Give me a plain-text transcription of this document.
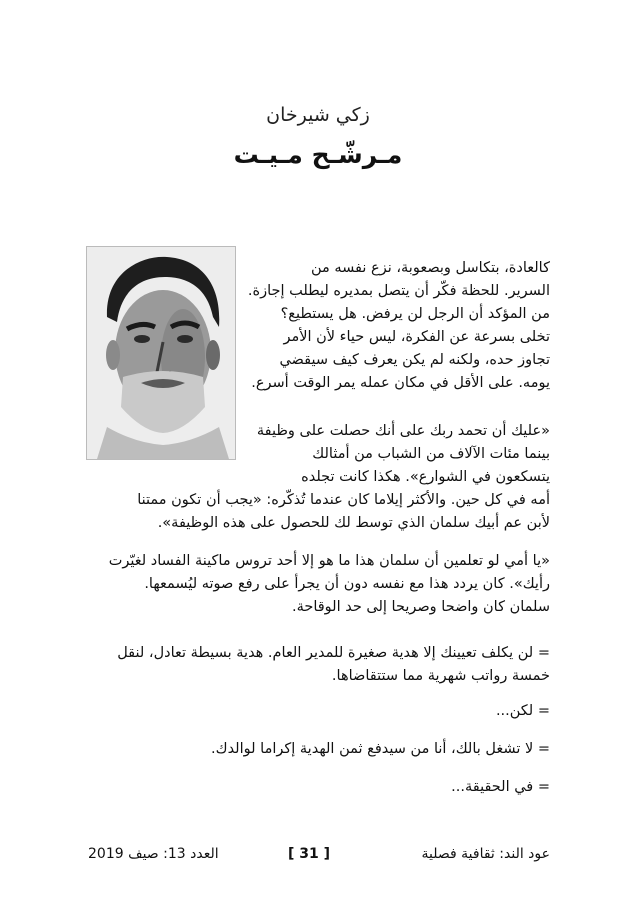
زكي شيرخان
مـرشّـح مـيـت
كالعادة، بتكاسل وبصعوبة، نزع نفسه من
السرير. للحظة فكّر أن يتصل بمديره ليطلب إجازة.
من المؤكد أن الرجل لن يرفض. هل يستطيع؟
تخلى بسرعة عن الفكرة، ليس حياء لأن الأمر
تجاوز حده، ولكنه لم يكن يعرف كيف سيقضي
يومه. على الأقل في مكان عمله يمر الوقت أسرع.
«عليك أن تحمد ربك على أنك حصلت على وظيفة
بينما مئات الآلاف من الشباب من أمثالك
يتسكعون في الشوارع». هكذا كانت تجلده
أمه في كل حين. والأكثر إيلاما كان عندما تُذكّره: «يجب أن تكون ممتنا
لأبن عم أبيك سلمان الذي توسط لك للحصول على هذه الوظيفة».
«يا أمي لو تعلمين أن سلمان هذا ما هو إلا أحد تروس ماكينة الفساد لغيّرت
رأيك». كان يردد هذا مع نفسه دون أن يجرأ على رفع صوته ليُسمعها.
سلمان كان واضحا وصريحا إلى حد الوقاحة.
= لن يكلف تعيينك إلا هدية صغيرة للمدير العام. هدية بسيطة تعادل، لنقل
خمسة رواتب شهرية مما ستتقاضاها.
= لكن...
= لا تشغل بالك، أنا من سيدفع ثمن الهدية إكراما لوالدك.
= في الحقيقة...
عود الند: ثقافية فصلية
[ 31 ]
العدد 13: صيف 2019
